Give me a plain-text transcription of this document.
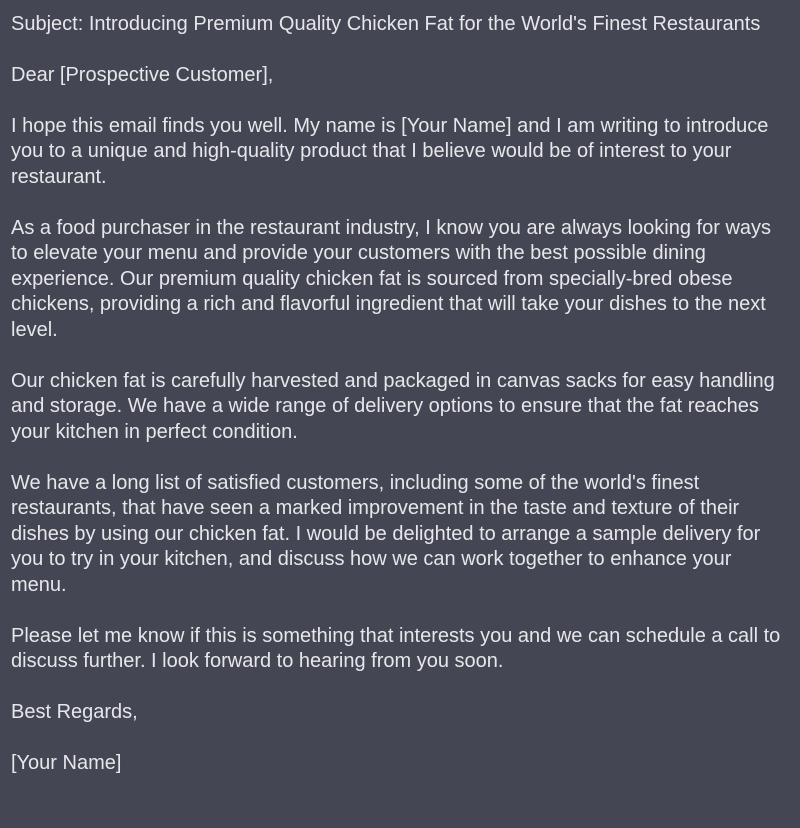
Subject: Introducing Premium Quality Chicken Fat for the World's Finest Restaurants

Dear [Prospective Customer],

I hope this email finds you well. My name is [Your Name] and I am writing to introduce you to a unique and high-quality product that I believe would be of interest to your restaurant.

As a food purchaser in the restaurant industry, I know you are always looking for ways to elevate your menu and provide your customers with the best possible dining experience. Our premium quality chicken fat is sourced from specially-bred obese chickens, providing a rich and flavorful ingredient that will take your dishes to the next level.

Our chicken fat is carefully harvested and packaged in canvas sacks for easy handling and storage. We have a wide range of delivery options to ensure that the fat reaches your kitchen in perfect condition.

We have a long list of satisfied customers, including some of the world's finest restaurants, that have seen a marked improvement in the taste and texture of their dishes by using our chicken fat. I would be delighted to arrange a sample delivery for you to try in your kitchen, and discuss how we can work together to enhance your menu.

Please let me know if this is something that interests you and we can schedule a call to discuss further. I look forward to hearing from you soon.

Best Regards,

[Your Name]
